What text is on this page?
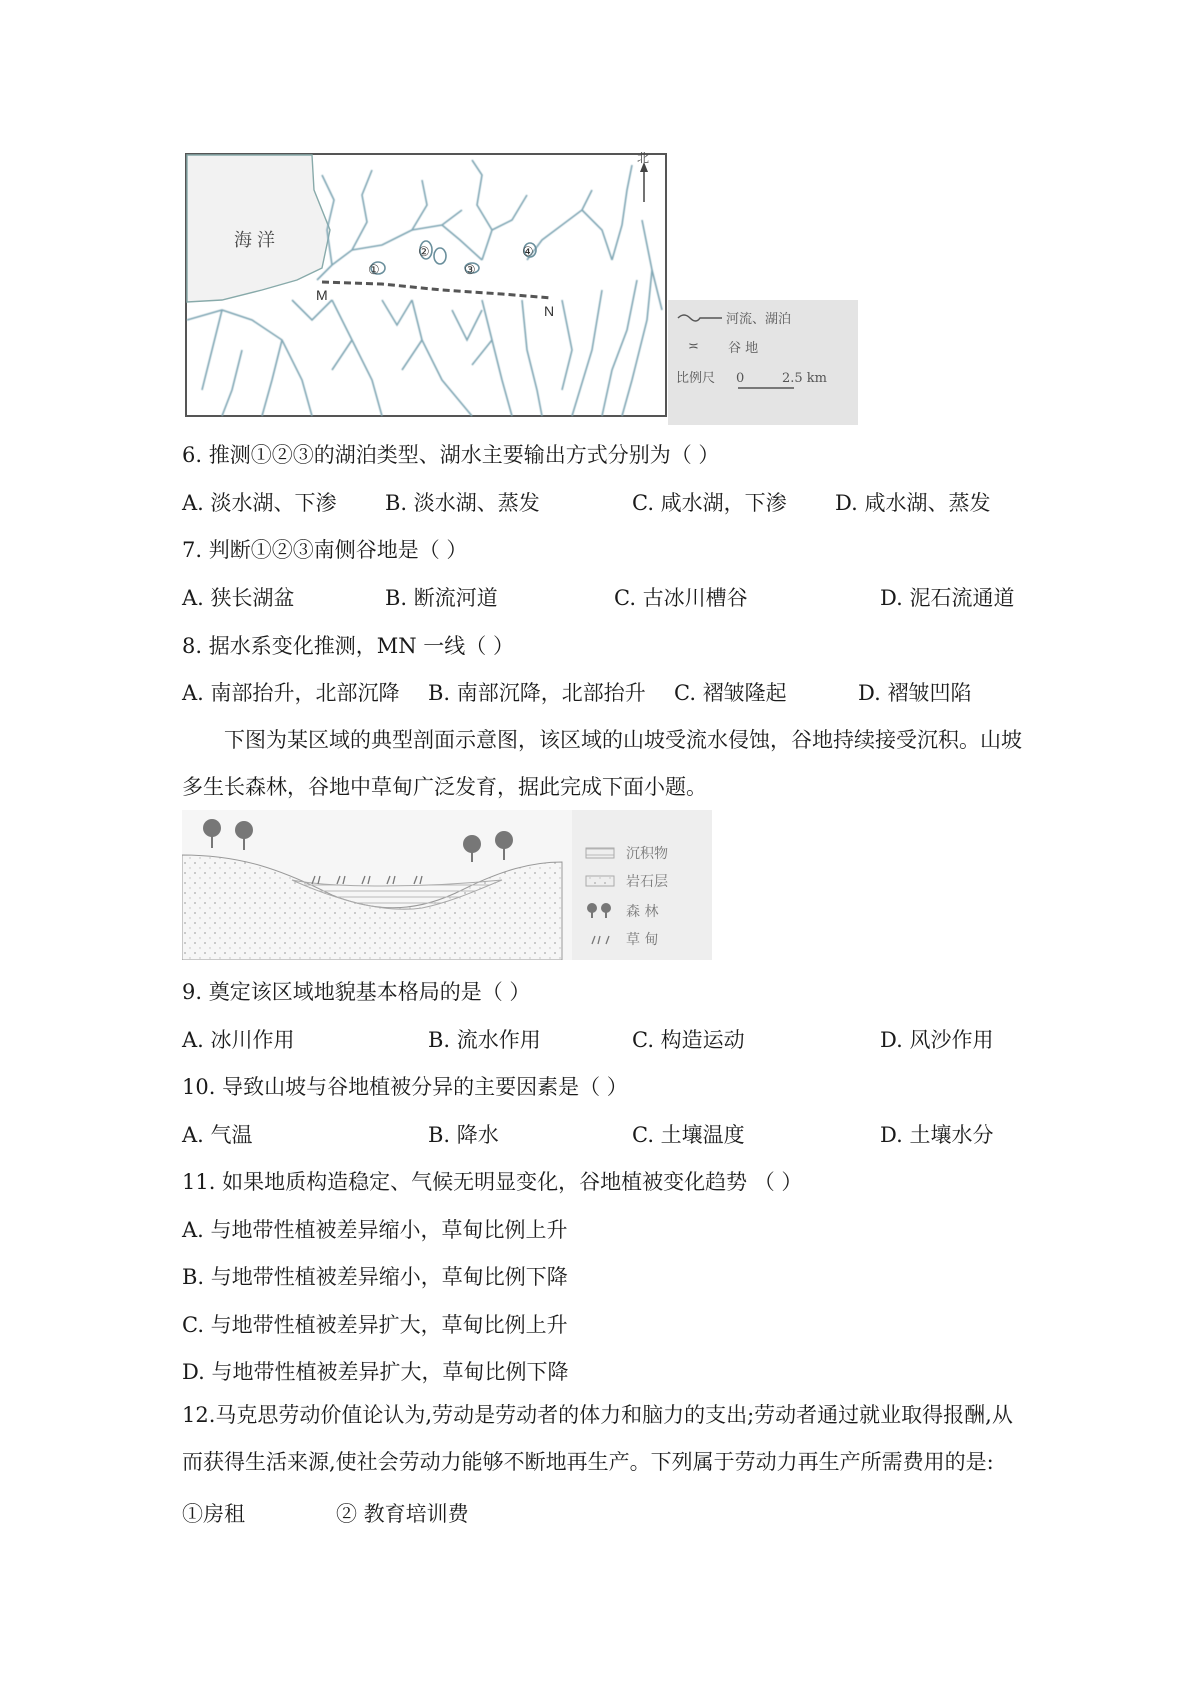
海 洋
①
②
③
④
M
N
北
河流、湖泊
≍ 谷 地
比例尺 0	2.5 km
6. 推测①②③的湖泊类型、湖水主要输出方式分别为（ ）
A. 淡水湖、下渗 B. 淡水湖、蒸发	C. 咸水湖，下渗 D. 咸水湖、蒸发
7. 判断①②③南侧谷地是（ ）
A. 狭长湖盆	B. 断流河道	C. 古冰川槽谷	D. 泥石流通道
8. 据水系变化推测，MN 一线（ ）
A. 南部抬升，北部沉降 B. 南部沉降，北部抬升 C. 褶皱隆起	D. 褶皱凹陷
下图为某区域的典型剖面示意图，该区域的山坡受流水侵蚀，谷地持续接受沉积。山坡多生长森林，谷地中草甸广泛发育，据此完成下面小题。
沉积物
岩石层
森 林
草 甸
9. 奠定该区域地貌基本格局的是（ ）
A. 冰川作用	B. 流水作用	C. 构造运动	D. 风沙作用
10. 导致山坡与谷地植被分异的主要因素是（ ）
A. 气温	B. 降水	C. 土壤温度	D. 土壤水分
11. 如果地质构造稳定、气候无明显变化，谷地植被变化趋势 （ ）
A. 与地带性植被差异缩小，草甸比例上升
B. 与地带性植被差异缩小，草甸比例下降
C. 与地带性植被差异扩大，草甸比例上升
D. 与地带性植被差异扩大，草甸比例下降
12.马克思劳动价值论认为,劳动是劳动者的体力和脑力的支出;劳动者通过就业取得报酬,从而获得生活来源,使社会劳动力能够不断地再生产。下列属于劳动力再生产所需费用的是:
①房租	② 教育培训费
